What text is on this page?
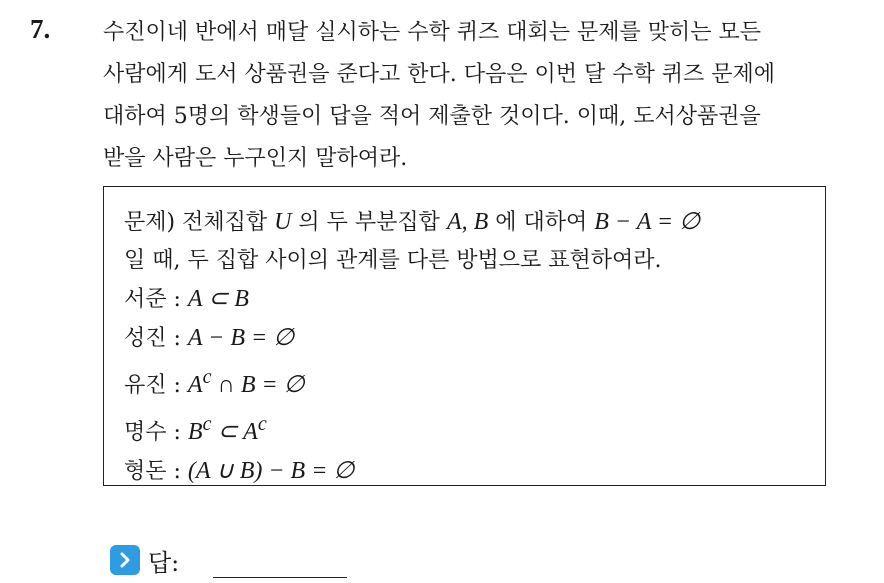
7. 수진이네 반에서 매달 실시하는 수학 퀴즈 대회는 문제를 맞히는 모든
사람에게 도서 상품권을 준다고 한다. 다음은 이번 달 수학 퀴즈 문제에
대하여 5명의 학생들이 답을 적어 제출한 것이다. 이때, 도서상품권을
받을 사람은 누구인지 말하여라.
문제) 전체집합 U 의 두 부분집합 A, B 에 대하여 B − A = ∅
일 때, 두 집합 사이의 관계를 다른 방법으로 표현하여라.
서준 : A ⊂ B
성진 : A − B = ∅
유진 : $A^c$ ∩ B = ∅
명수 : $B^c$ ⊂ $A^c$
형돈 : (A ∪ B) − B = ∅
답:
